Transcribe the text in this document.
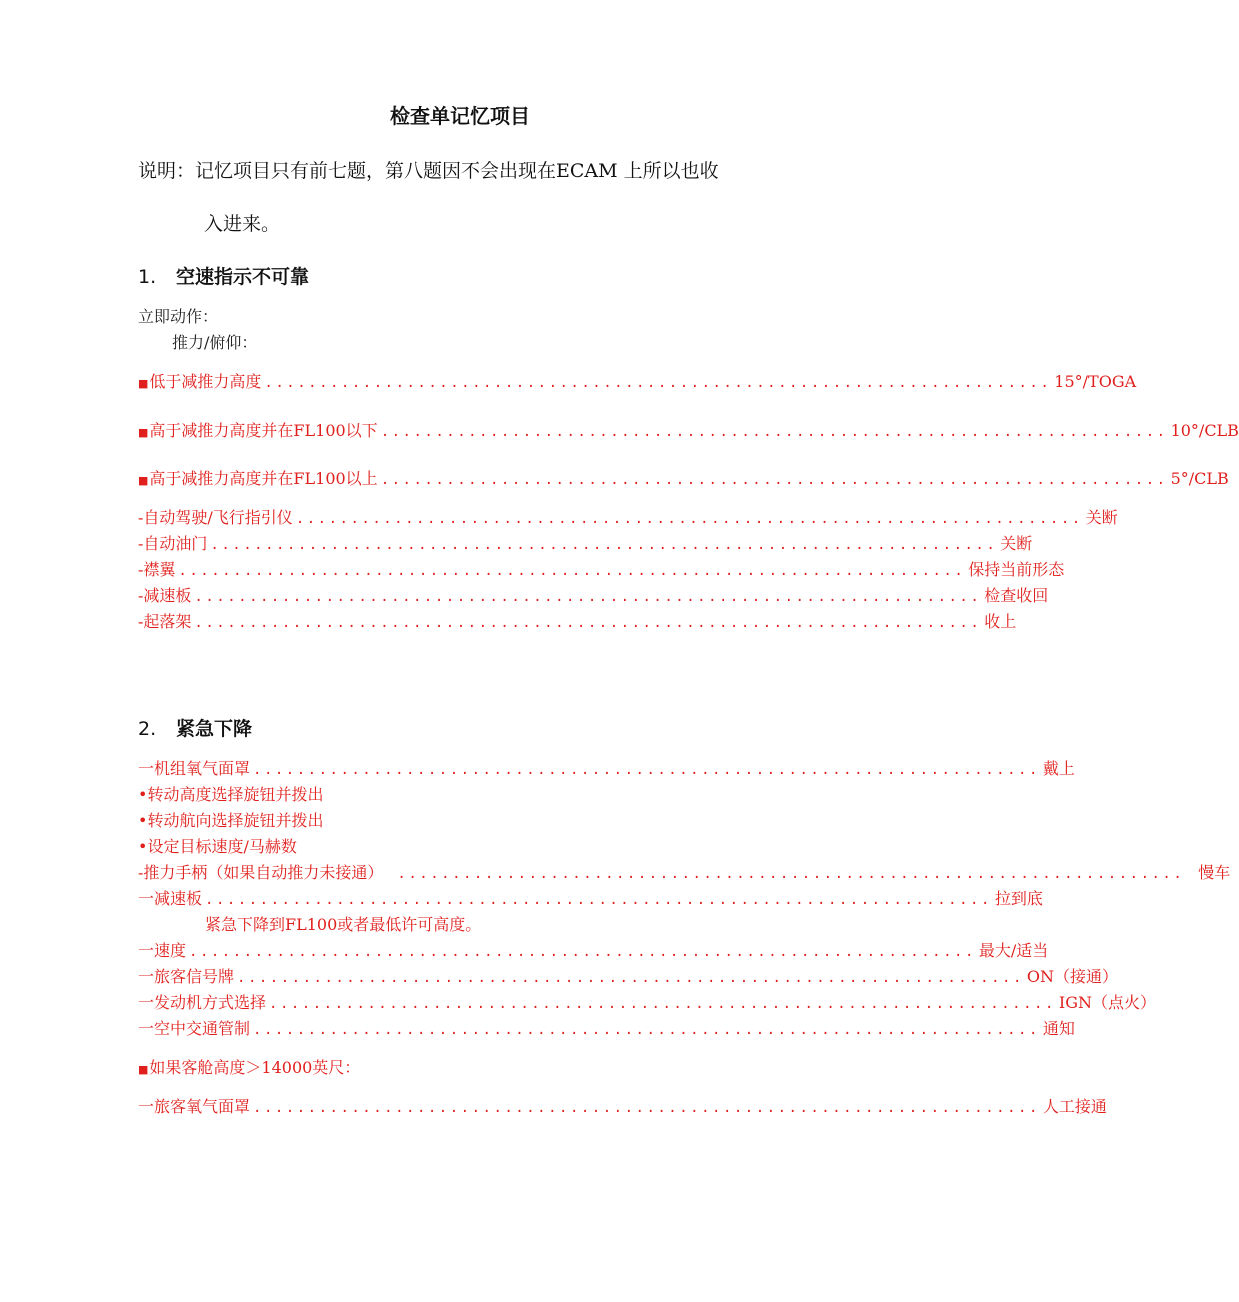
检查单记忆项目
说明：记忆项目只有前七题，第八题因不会出现在ECAM 上所以也收
入进来。
1. 空速指示不可靠
立即动作：
推力/俯仰：
■ 低于减推力高度 ........................................................................ 15°/TOGA
■ 高于减推力高度并在FL100以下 ........................................................................ 10°/CLB
■ 高于减推力高度并在FL100以上 ........................................................................ 5°/CLB
-自动驾驶/飞行指引仪 ........................................................................ 关断
-自动油门 ........................................................................ 关断
-襟翼 ........................................................................ 保持当前形态
-减速板 ........................................................................ 检查收回
-起落架 ........................................................................ 收上
2. 紧急下降
一机组氧气面罩 ........................................................................ 戴上
•转动高度选择旋钮并拨出
•转动航向选择旋钮并拨出
•设定目标速度/马赫数
-推力手柄（如果自动推力未接通） ........................................................................ 慢车
一减速板 ........................................................................ 拉到底
紧急下降到FL100或者最低许可高度。
一速度 ........................................................................ 最大/适当
一旅客信号牌 ........................................................................ ON（接通）
一发动机方式选择 ........................................................................ IGN（点火）
一空中交通管制 ........................................................................ 通知
■如果客舱高度＞14000英尺：
一旅客氧气面罩 ........................................................................ 人工接通
